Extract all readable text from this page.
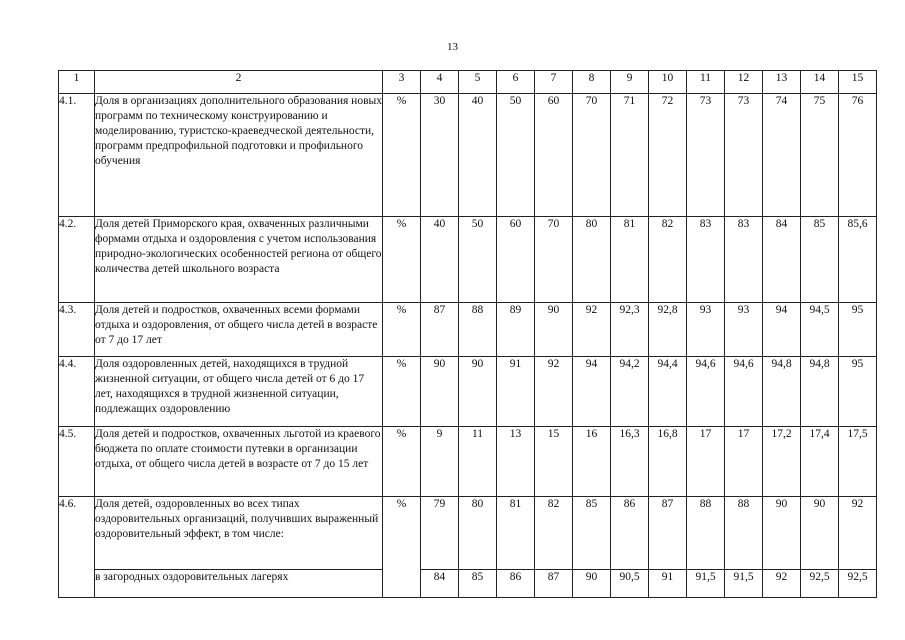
13
1	2	3	4	5	6	7	8	9	10	11	12	13	14	15
4.1.	Доля в организациях дополнительного образования новых программ по техническому конструированию и моделированию, туристско-краеведческой деятельности, программ предпрофильной подготовки и профильного обучения	%	30	40	50	60	70	71	72	73	73	74	75	76
4.2.	Доля детей Приморского края, охваченных различными формами отдыха и оздоровления с учетом использования природно-экологических особенностей региона от общего количества детей школьного возраста	%	40	50	60	70	80	81	82	83	83	84	85	85,6
4.3.	Доля детей и подростков, охваченных всеми формами отдыха и оздоровления, от общего числа детей в возрасте от 7 до 17 лет	%	87	88	89	90	92	92,3	92,8	93	93	94	94,5	95
4.4.	Доля оздоровленных детей, находящихся в трудной жизненной ситуации, от общего числа детей от 6 до 17 лет, находящихся в трудной жизненной ситуации, подлежащих оздоровлению	%	90	90	91	92	94	94,2	94,4	94,6	94,6	94,8	94,8	95
4.5.	Доля детей и подростков, охваченных льготой из краевого бюджета по оплате стоимости путевки в организации отдыха, от общего числа детей в возрасте от 7 до 15 лет	%	9	11	13	15	16	16,3	16,8	17	17	17,2	17,4	17,5
4.6.	Доля детей, оздоровленных во всех типах оздоровительных организаций, получивших выраженный оздоровительный эффект, в том числе:	%	79	80	81	82	85	86	87	88	88	90	90	92
	в загородных оздоровительных лагерях		84	85	86	87	90	90,5	91	91,5	91,5	92	92,5	92,5
